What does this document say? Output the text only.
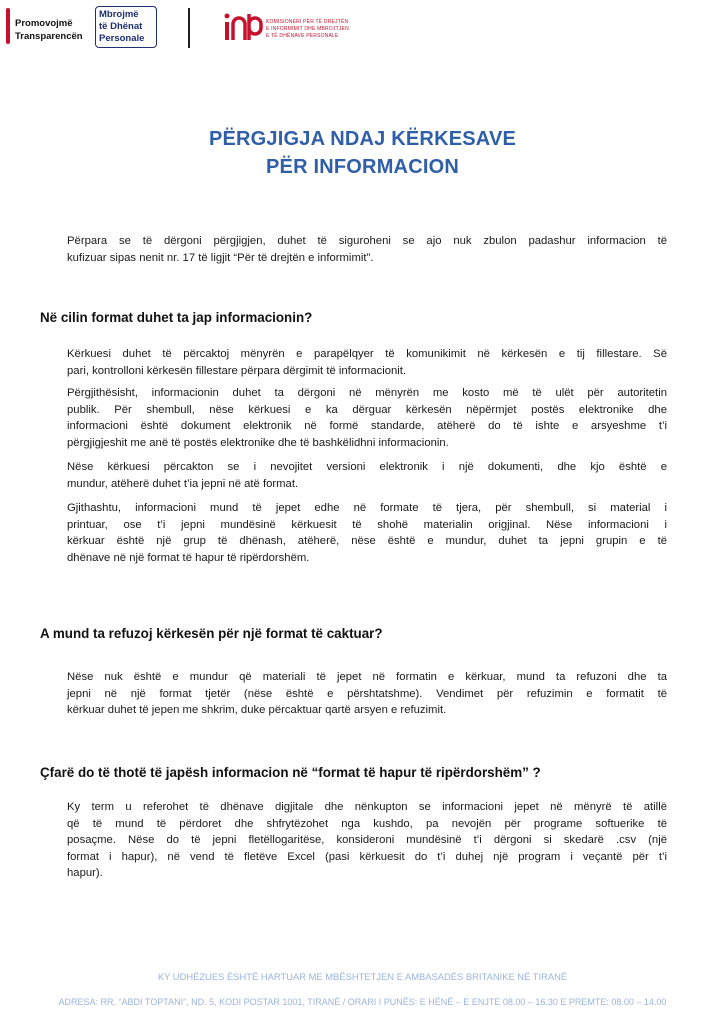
Promovojmë
Transparencën
Mbrojmë
të Dhënat
Personale
KOMISIONERI PËR TË DREJTËN
E INFORMIMIT DHE MBROJTJEN
E TË DHËNAVE PERSONALE
PËRGJIGJA NDAJ KËRKESAVE
PËR INFORMACION
Përpara se të dërgoni përgjigjen, duhet të siguroheni se ajo nuk zbulon padashur informacion të
kufizuar sipas nenit nr. 17 të ligjit “Për të drejtën e informimit”.
Në cilin format duhet ta jap informacionin?
Kërkuesi duhet të përcaktoj mënyrën e parapëlqyer të komunikimit në kërkesën e tij fillestare. Së
pari, kontrolloni kërkesën fillestare përpara dërgimit të informacionit.
Përgjithësisht, informacionin duhet ta dërgoni në mënyrën me kosto më të ulët për autoritetin
publik. Për shembull, nëse kërkuesi e ka dërguar kërkesën nëpërmjet postës elektronike dhe
informacioni është dokument elektronik në formë standarde, atëherë do të ishte e arsyeshme t’i
përgjigjeshit me anë të postës elektronike dhe të bashkëlidhni informacionin.
Nëse kërkuesi përcakton se i nevojitet versioni elektronik i një dokumenti, dhe kjo është e
mundur, atëherë duhet t’ia jepni në atë format.
Gjithashtu, informacioni mund të jepet edhe në formate të tjera, për shembull, si material i
printuar, ose t’i jepni mundësinë kërkuesit të shohë materialin origjinal. Nëse informacioni i
kërkuar është një grup të dhënash, atëherë, nëse është e mundur, duhet ta jepni grupin e të
dhënave në një format të hapur të ripërdorshëm.
A mund ta refuzoj kërkesën për një format të caktuar?
Nëse nuk është e mundur që materiali të jepet në formatin e kërkuar, mund ta refuzoni dhe ta
jepni në një format tjetër (nëse është e përshtatshme). Vendimet për refuzimin e formatit të
kërkuar duhet të jepen me shkrim, duke përcaktuar qartë arsyen e refuzimit.
Çfarë do të thotë të japësh informacion në “format të hapur të ripërdorshëm” ?
Ky term u referohet të dhënave digjitale dhe nënkupton se informacioni jepet në mënyrë të atillë
që të mund të përdoret dhe shfrytëzohet nga kushdo, pa nevojën për programe softuerike të
posaçme. Nëse do të jepni fletëllogaritëse, konsideroni mundësinë t’i dërgoni si skedarë .csv (një
format i hapur), në vend të fletëve Excel (pasi kërkuesit do t’i duhej një program i veçantë për t’i
hapur).
KY UDHËZUES ËSHTË HARTUAR ME MBËSHTETJEN E AMBASADËS BRITANIKE NË TIRANË
ADRESA: RR. “ABDI TOPTANI”, ND. 5, KODI POSTAR 1001, TIRANË / ORARI I PUNËS: E HËNË – E ENJTE 08.00 – 16.30 E PREMTE: 08.00 – 14.00
